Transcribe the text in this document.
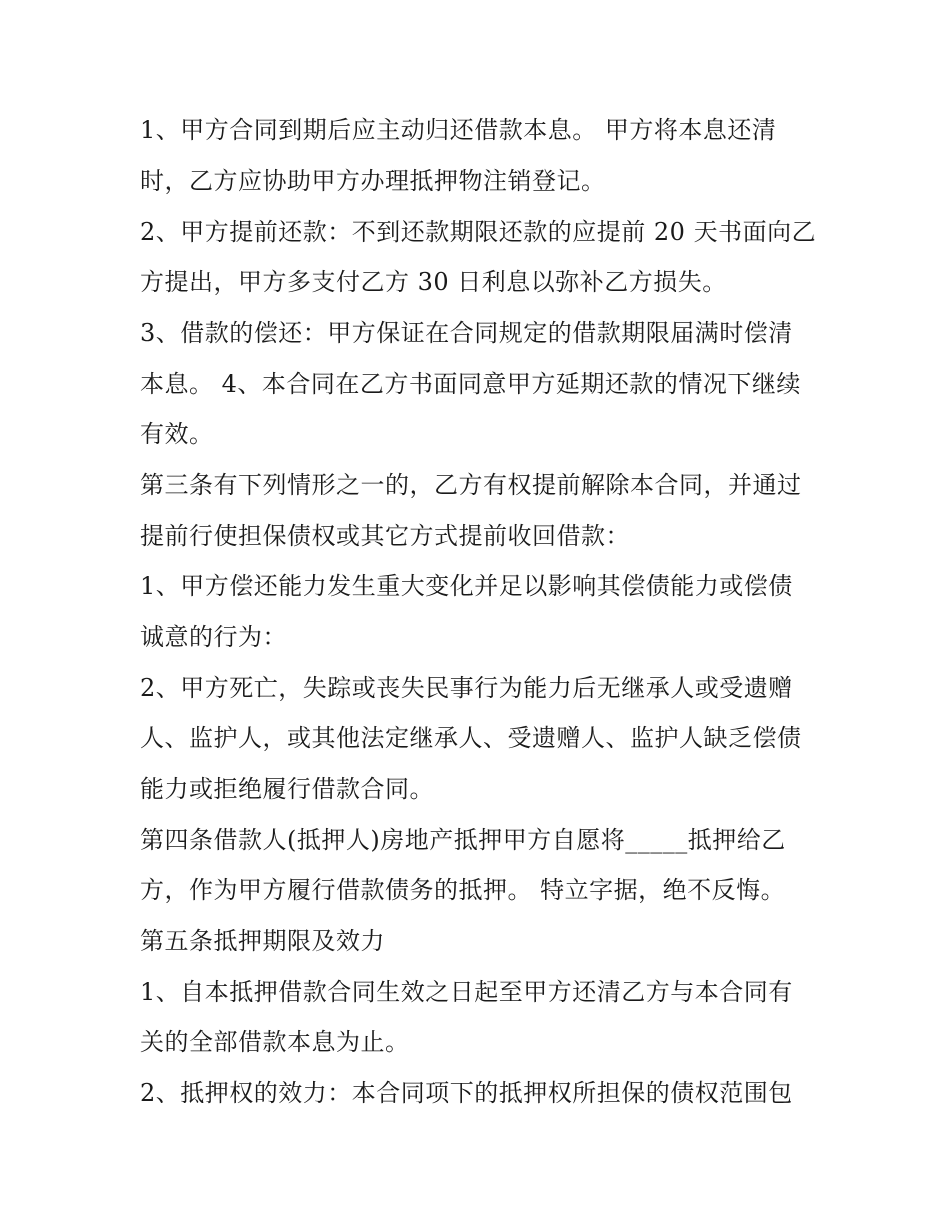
1、甲方合同到期后应主动归还借款本息。 甲方将本息还清
时，乙方应协助甲方办理抵押物注销登记。
2、甲方提前还款：不到还款期限还款的应提前 20 天书面向乙
方提出，甲方多支付乙方 30 日利息以弥补乙方损失。
3、借款的偿还：甲方保证在合同规定的借款期限届满时偿清
本息。 4、本合同在乙方书面同意甲方延期还款的情况下继续
有效。
第三条有下列情形之一的，乙方有权提前解除本合同，并通过
提前行使担保债权或其它方式提前收回借款：
1、甲方偿还能力发生重大变化并足以影响其偿债能力或偿债
诚意的行为：
2、甲方死亡，失踪或丧失民事行为能力后无继承人或受遗赠
人、监护人，或其他法定继承人、受遗赠人、监护人缺乏偿债
能力或拒绝履行借款合同。
第四条借款人(抵押人)房地产抵押甲方自愿将_____抵押给乙
方，作为甲方履行借款债务的抵押。 特立字据，绝不反悔。
第五条抵押期限及效力
1、自本抵押借款合同生效之日起至甲方还清乙方与本合同有
关的全部借款本息为止。
2、抵押权的效力：本合同项下的抵押权所担保的债权范围包
